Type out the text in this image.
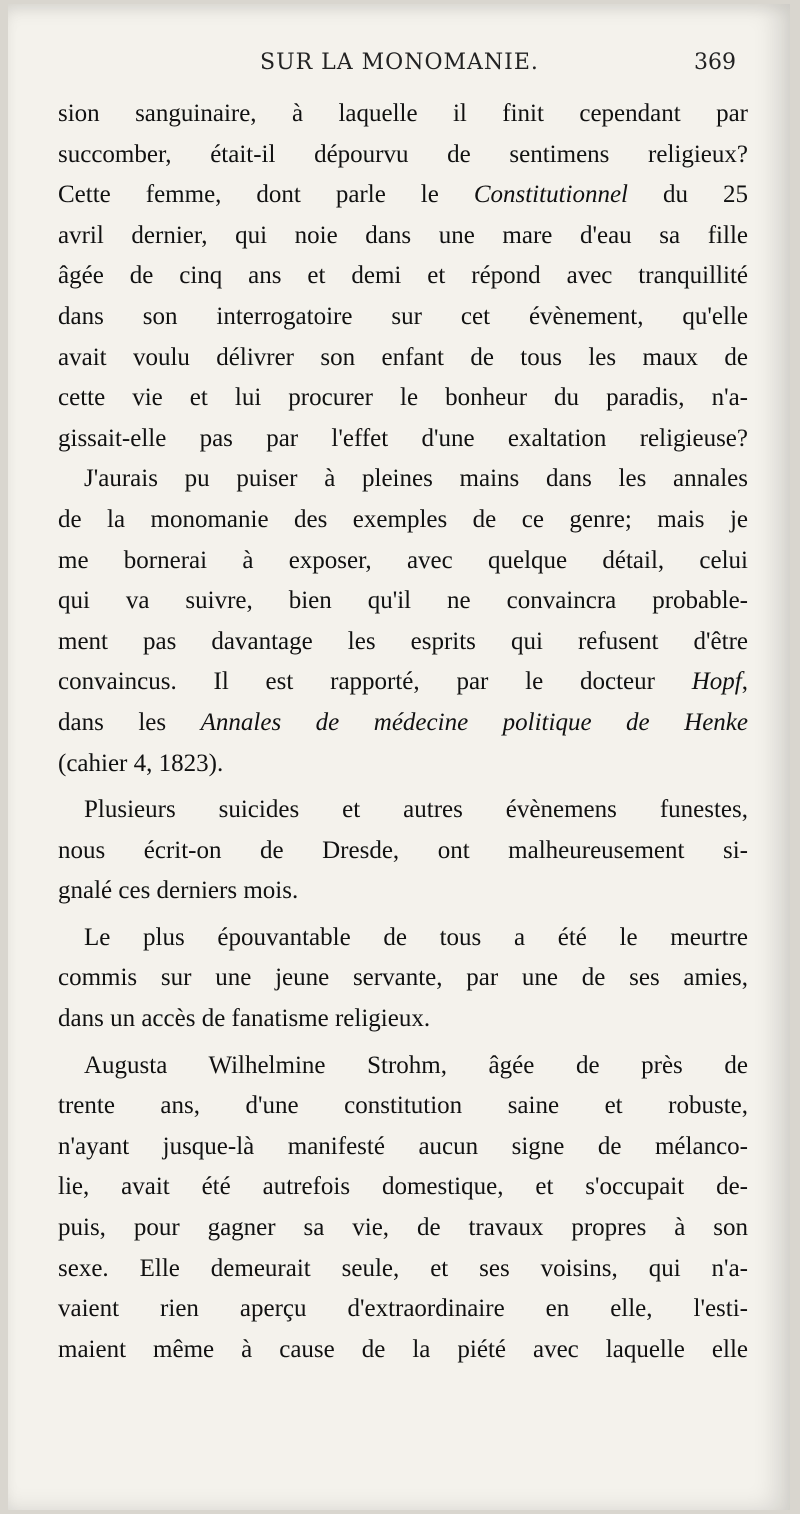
SUR LA MONOMANIE.	369
sion sanguinaire, à laquelle il finit cependant par
succomber, était-il dépourvu de sentimens religieux?
Cette femme, dont parle le Constitutionnel du 25
avril dernier, qui noie dans une mare d'eau sa fille
âgée de cinq ans et demi et répond avec tranquillité
dans son interrogatoire sur cet évènement, qu'elle
avait voulu délivrer son enfant de tous les maux de
cette vie et lui procurer le bonheur du paradis, n'a-
gissait-elle pas par l'effet d'une exaltation religieuse?
J'aurais pu puiser à pleines mains dans les annales
de la monomanie des exemples de ce genre; mais je
me bornerai à exposer, avec quelque détail, celui
qui va suivre, bien qu'il ne convaincra probable-
ment pas davantage les esprits qui refusent d'être
convaincus. Il est rapporté, par le docteur Hopf,
dans les Annales de médecine politique de Henke
(cahier 4, 1823).
Plusieurs suicides et autres évènemens funestes,
nous écrit-on de Dresde, ont malheureusement si-
gnalé ces derniers mois.
Le plus épouvantable de tous a été le meurtre
commis sur une jeune servante, par une de ses amies,
dans un accès de fanatisme religieux.
Augusta Wilhelmine Strohm, âgée de près de
trente ans, d'une constitution saine et robuste,
n'ayant jusque-là manifesté aucun signe de mélanco-
lie, avait été autrefois domestique, et s'occupait de-
puis, pour gagner sa vie, de travaux propres à son
sexe. Elle demeurait seule, et ses voisins, qui n'a-
vaient rien aperçu d'extraordinaire en elle, l'esti-
maient même à cause de la piété avec laquelle elle
